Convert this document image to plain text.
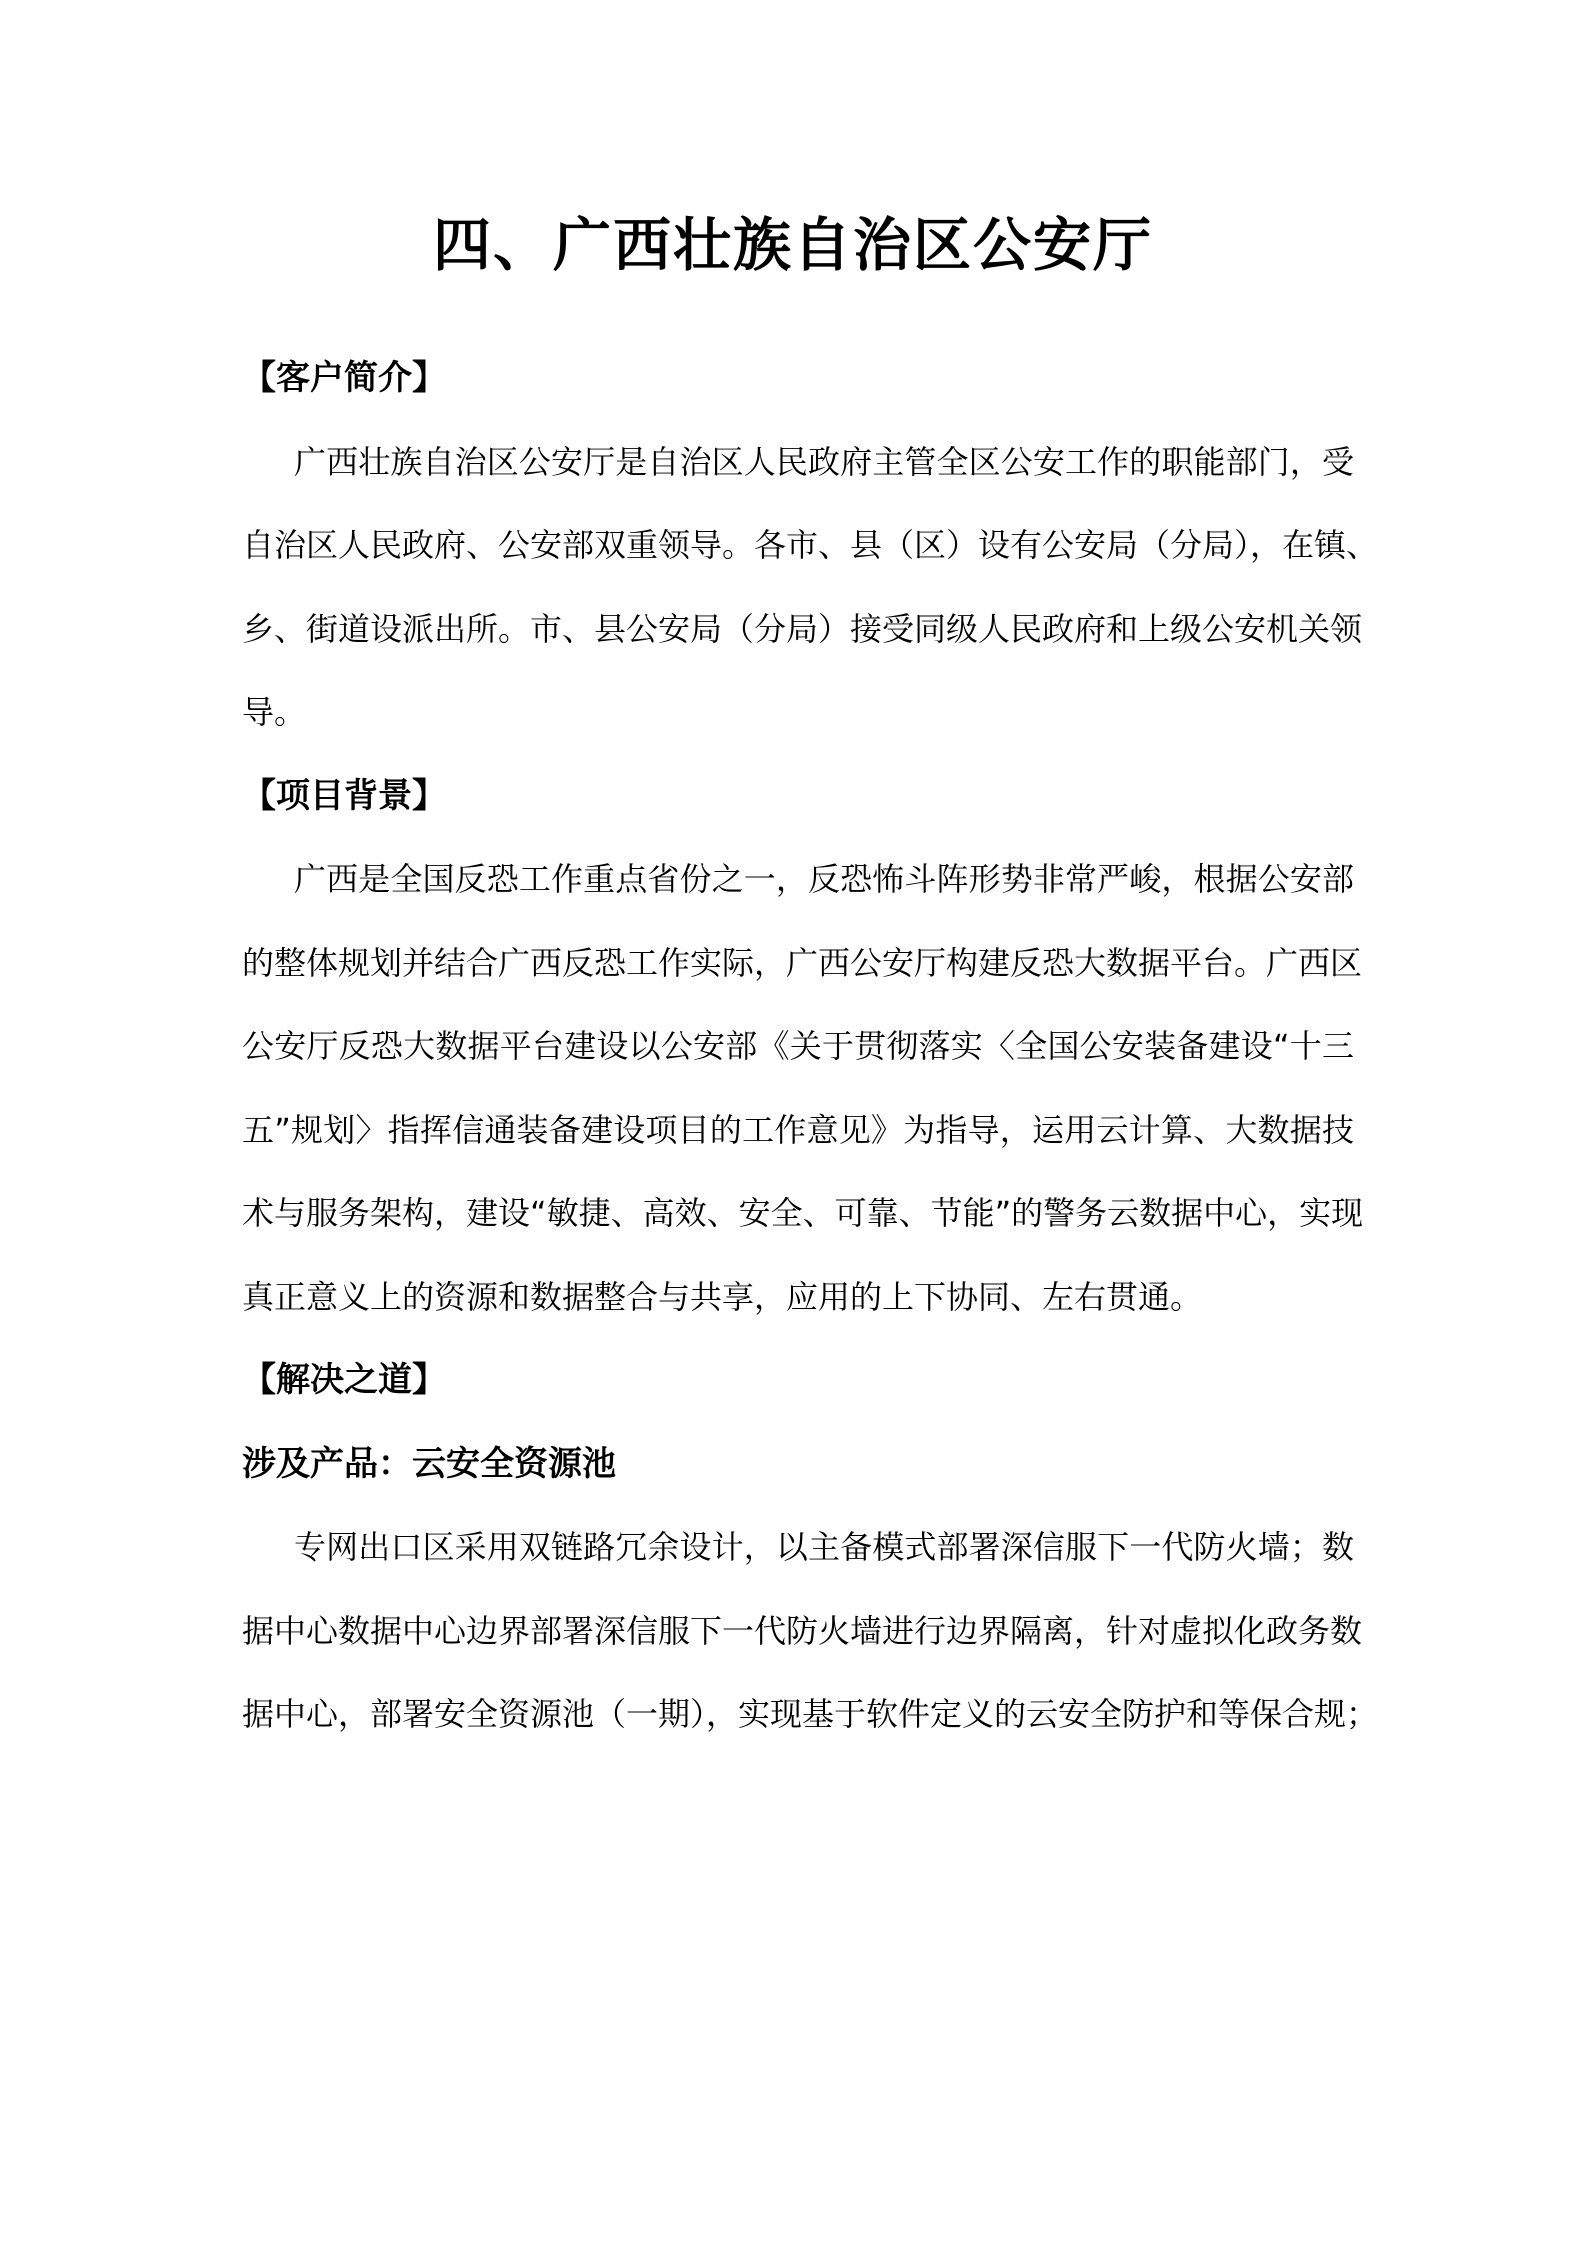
四、广西壮族自治区公安厅
【客户简介】
广西壮族自治区公安厅是自治区人民政府主管全区公安工作的职能部门，受
自治区人民政府、公安部双重领导。各市、县（区）设有公安局（分局），在镇、
乡、街道设派出所。市、县公安局（分局）接受同级人民政府和上级公安机关领
导。
【项目背景】
广西是全国反恐工作重点省份之一，反恐怖斗阵形势非常严峻，根据公安部
的整体规划并结合广西反恐工作实际，广西公安厅构建反恐大数据平台。广西区
公安厅反恐大数据平台建设以公安部《关于贯彻落实〈全国公安装备建设“十三
五”规划〉指挥信通装备建设项目的工作意见》为指导，运用云计算、大数据技
术与服务架构，建设“敏捷、高效、安全、可靠、节能”的警务云数据中心，实现
真正意义上的资源和数据整合与共享，应用的上下协同、左右贯通。
【解决之道】
涉及产品：云安全资源池
专网出口区采用双链路冗余设计，以主备模式部署深信服下一代防火墙；数
据中心数据中心边界部署深信服下一代防火墙进行边界隔离，针对虚拟化政务数
据中心，部署安全资源池（一期），实现基于软件定义的云安全防护和等保合规；
